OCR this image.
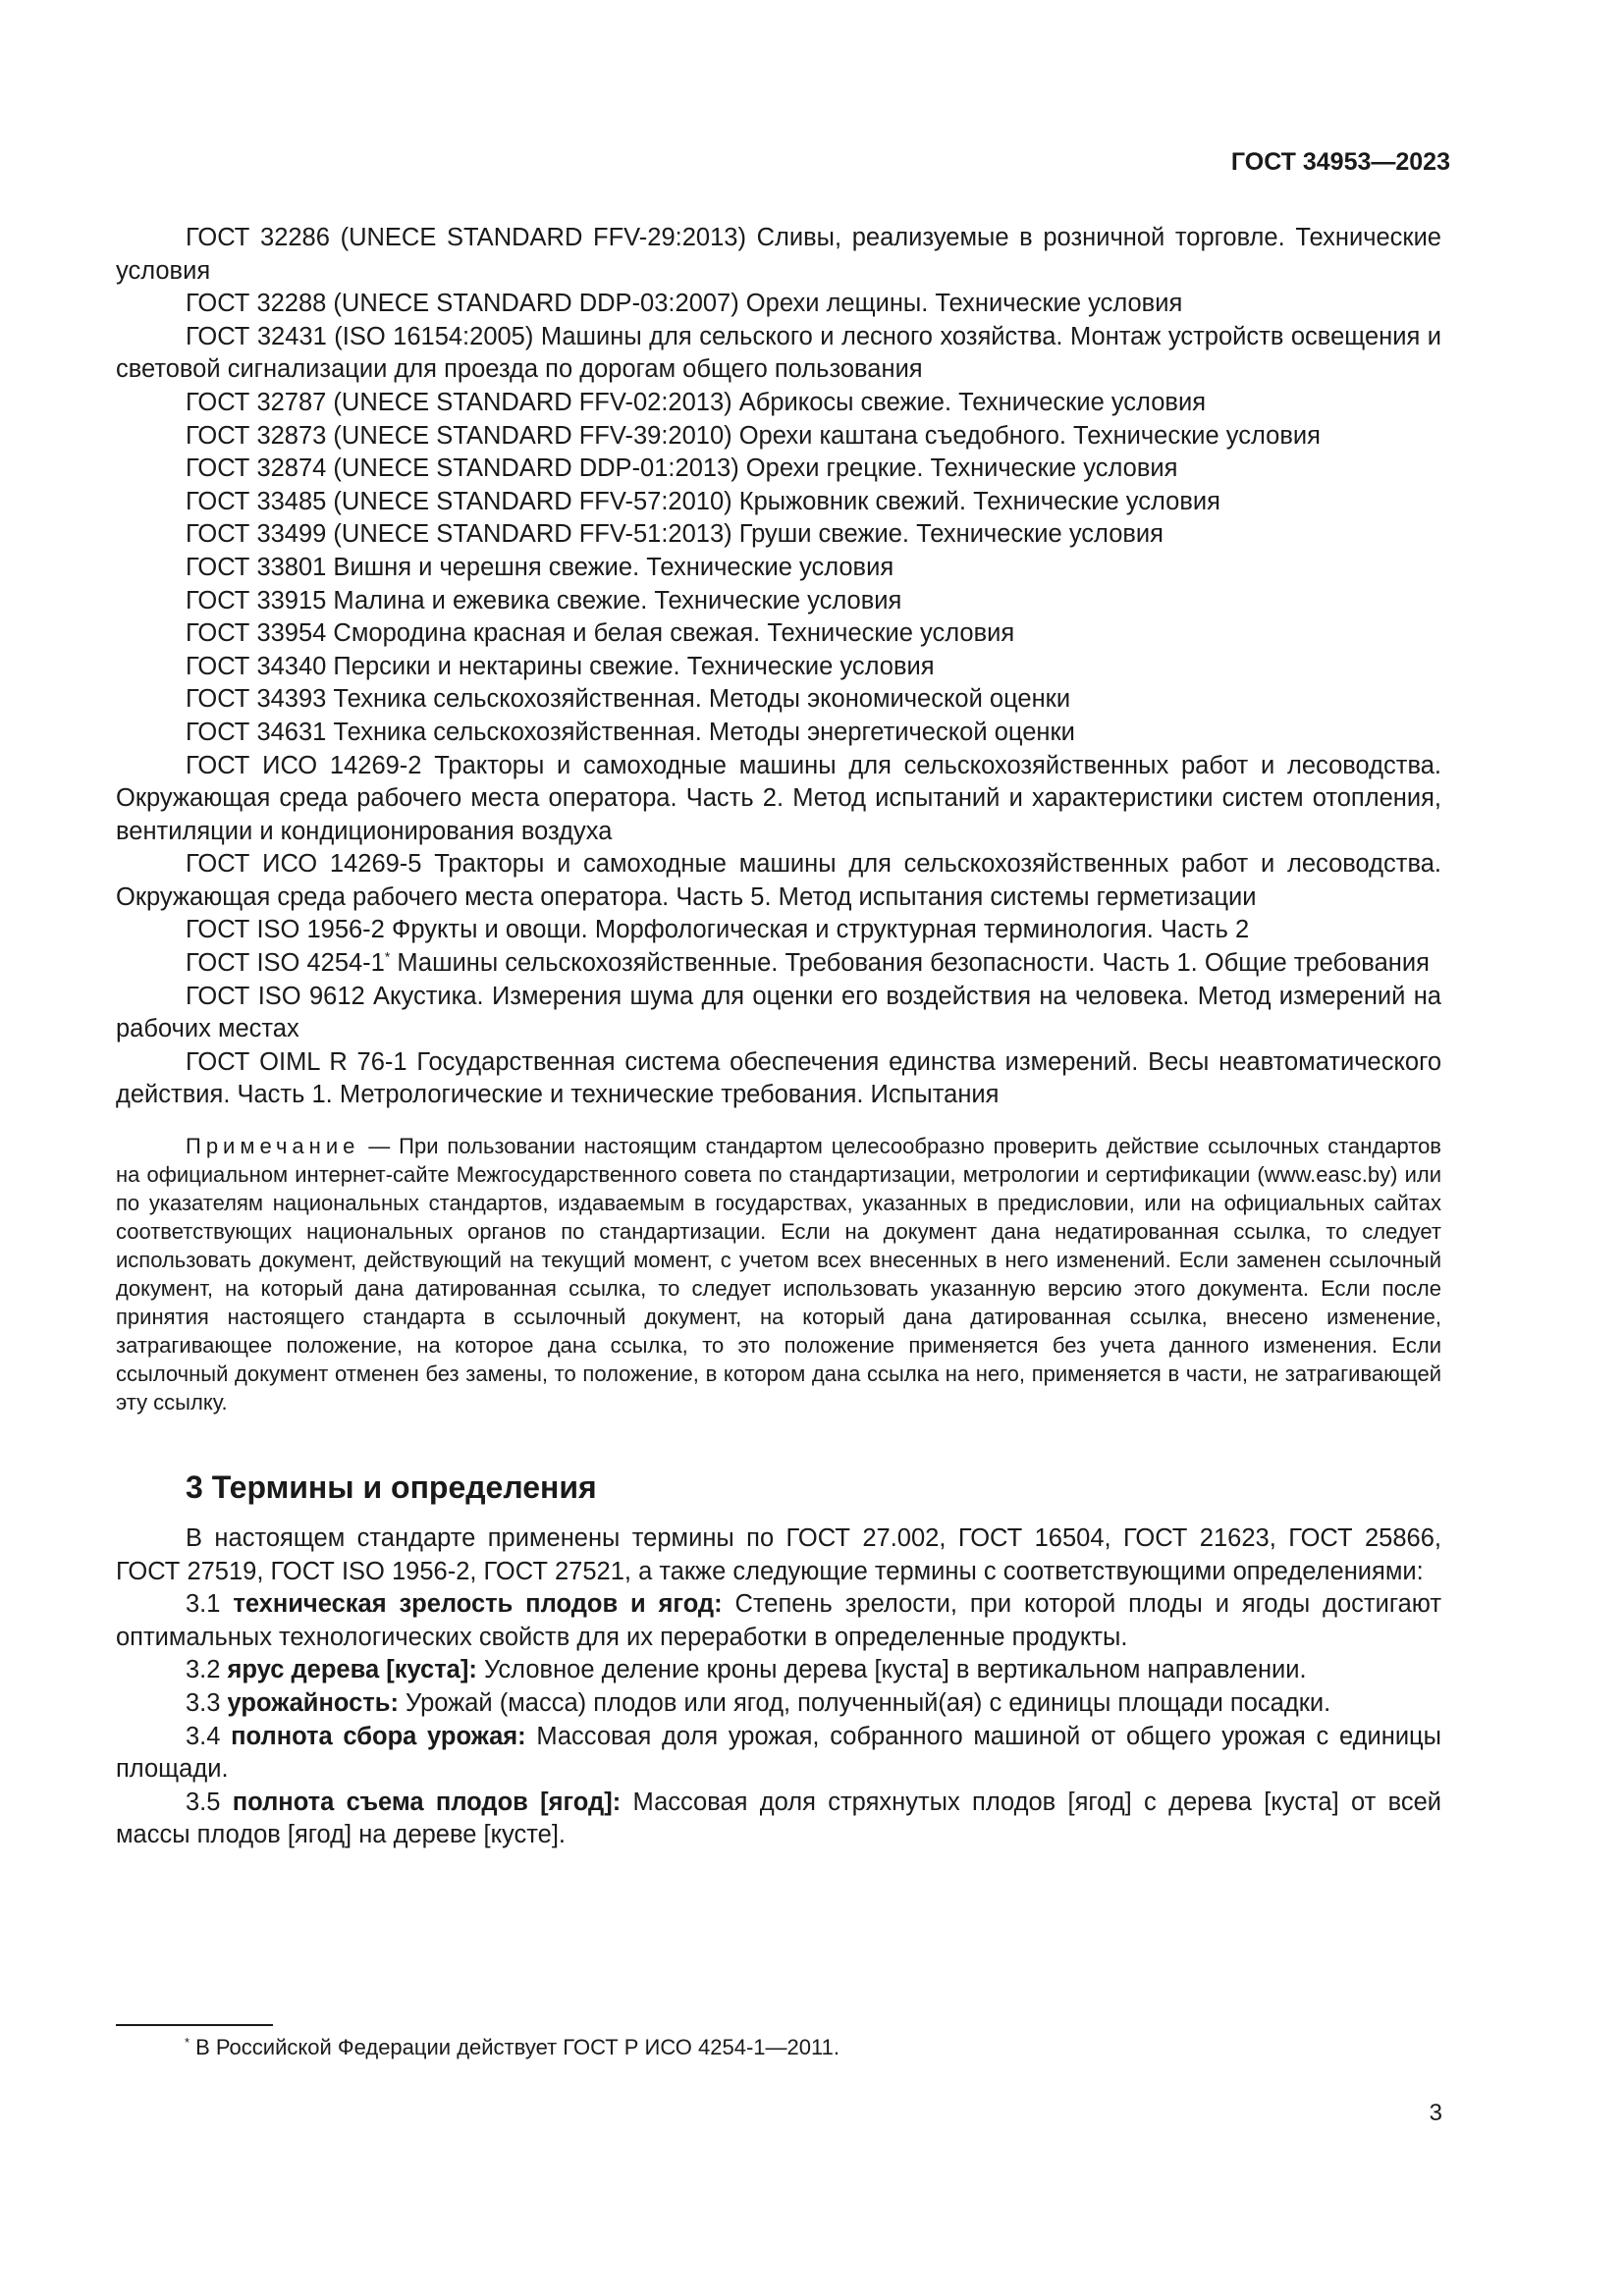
ГОСТ 34953—2023

ГОСТ 32286 (UNECE STANDARD FFV-29:2013) Сливы, реализуемые в розничной торговле. Технические условия

ГОСТ 32288 (UNECE STANDARD DDP-03:2007) Орехи лещины. Технические условия

ГОСТ 32431 (ISO 16154:2005) Машины для сельского и лесного хозяйства. Монтаж устройств освещения и световой сигнализации для проезда по дорогам общего пользования

ГОСТ 32787 (UNECE STANDARD FFV-02:2013) Абрикосы свежие. Технические условия

ГОСТ 32873 (UNECE STANDARD FFV-39:2010) Орехи каштана съедобного. Технические условия

ГОСТ 32874 (UNECE STANDARD DDP-01:2013) Орехи грецкие. Технические условия

ГОСТ 33485 (UNECE STANDARD FFV-57:2010) Крыжовник свежий. Технические условия

ГОСТ 33499 (UNECE STANDARD FFV-51:2013) Груши свежие. Технические условия

ГОСТ 33801 Вишня и черешня свежие. Технические условия

ГОСТ 33915 Малина и ежевика свежие. Технические условия

ГОСТ 33954 Смородина красная и белая свежая. Технические условия

ГОСТ 34340 Персики и нектарины свежие. Технические условия

ГОСТ 34393 Техника сельскохозяйственная. Методы экономической оценки

ГОСТ 34631 Техника сельскохозяйственная. Методы энергетической оценки

ГОСТ ИСО 14269-2 Тракторы и самоходные машины для сельскохозяйственных работ и лесоводства. Окружающая среда рабочего места оператора. Часть 2. Метод испытаний и характеристики систем отопления, вентиляции и кондиционирования воздуха

ГОСТ ИСО 14269-5 Тракторы и самоходные машины для сельскохозяйственных работ и лесоводства. Окружающая среда рабочего места оператора. Часть 5. Метод испытания системы герметизации

ГОСТ ISO 1956-2 Фрукты и овощи. Морфологическая и структурная терминология. Часть 2

ГОСТ ISO 4254-1* Машины сельскохозяйственные. Требования безопасности. Часть 1. Общие требования

ГОСТ ISO 9612 Акустика. Измерения шума для оценки его воздействия на человека. Метод измерений на рабочих местах

ГОСТ OIML R 76-1 Государственная система обеспечения единства измерений. Весы неавтоматического действия. Часть 1. Метрологические и технические требования. Испытания

Примечание — При пользовании настоящим стандартом целесообразно проверить действие ссылочных стандартов на официальном интернет-сайте Межгосударственного совета по стандартизации, метрологии и сертификации (www.easc.by) или по указателям национальных стандартов, издаваемым в государствах, указанных в предисловии, или на официальных сайтах соответствующих национальных органов по стандартизации. Если на документ дана недатированная ссылка, то следует использовать документ, действующий на текущий момент, с учетом всех внесенных в него изменений. Если заменен ссылочный документ, на который дана датированная ссылка, то следует использовать указанную версию этого документа. Если после принятия настоящего стандарта в ссылочный документ, на который дана датированная ссылка, внесено изменение, затрагивающее положение, на которое дана ссылка, то это положение применяется без учета данного изменения. Если ссылочный документ отменен без замены, то положение, в котором дана ссылка на него, применяется в части, не затрагивающей эту ссылку.

3 Термины и определения

В настоящем стандарте применены термины по ГОСТ 27.002, ГОСТ 16504, ГОСТ 21623, ГОСТ 25866, ГОСТ 27519, ГОСТ ISO 1956-2, ГОСТ 27521, а также следующие термины с соответствующими определениями:

3.1 техническая зрелость плодов и ягод: Степень зрелости, при которой плоды и ягоды достигают оптимальных технологических свойств для их переработки в определенные продукты.

3.2 ярус дерева [куста]: Условное деление кроны дерева [куста] в вертикальном направлении.

3.3 урожайность: Урожай (масса) плодов или ягод, полученный(ая) с единицы площади посадки.

3.4 полнота сбора урожая: Массовая доля урожая, собранного машиной от общего урожая с единицы площади.

3.5 полнота съема плодов [ягод]: Массовая доля стряхнутых плодов [ягод] с дерева [куста] от всей массы плодов [ягод] на дереве [кусте].

* В Российской Федерации действует ГОСТ Р ИСО 4254-1—2011.
3
